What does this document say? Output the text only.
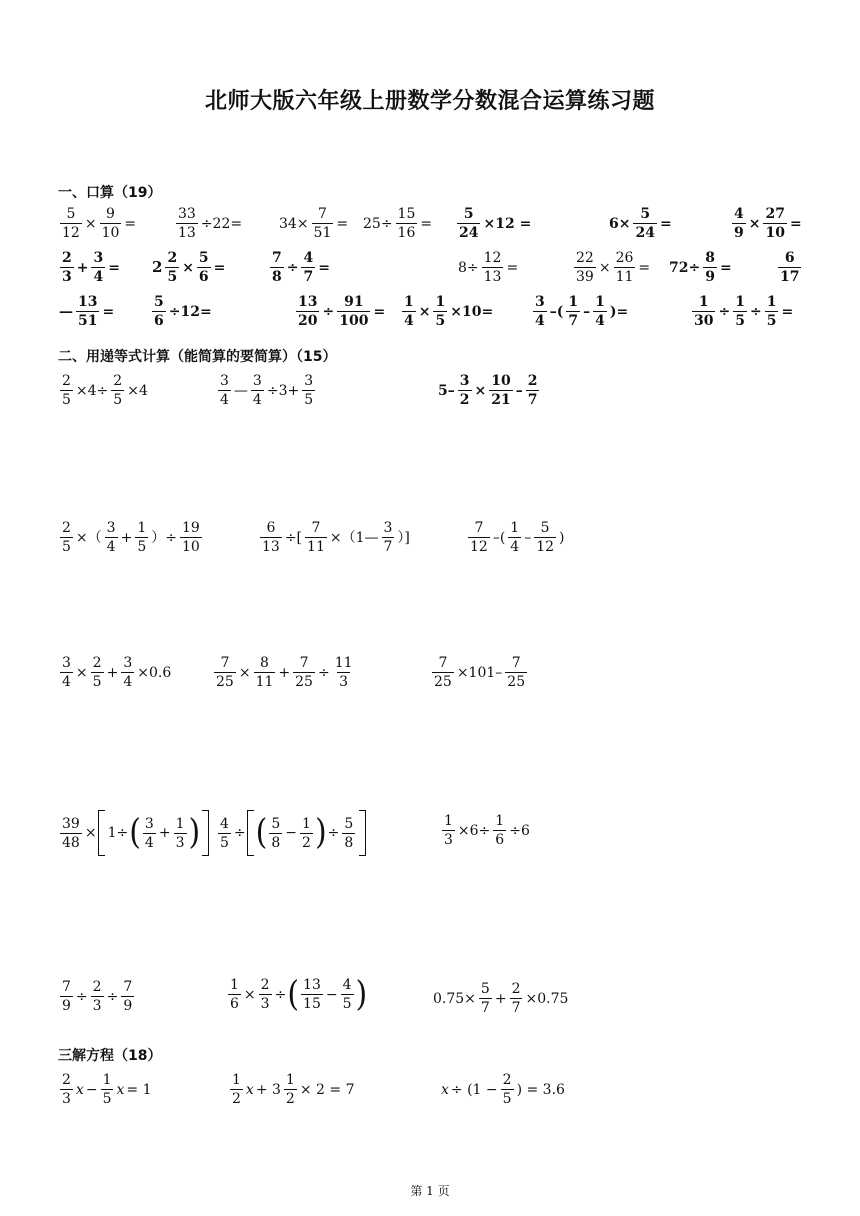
北师大版六年级上册数学分数混合运算练习题
一、口算（19）
二、用递等式计算（能简算的要简算）（15）
三解方程（18）
$\frac{5}{12} \times \frac{9}{10}$ =	$\frac{33}{13} \div 22=$	$34\times \frac{7}{51} = 25\div \frac{15}{16} = \frac{5}{24} \times 12$ =	$6\times \frac{5}{24}$ =	$\frac{4}{9} \times \frac{27}{10}$ =
$\frac{2}{3} + \frac{3}{4} = 2 \frac{2}{5} \times \frac{5}{6}$ =	$\frac{7}{8} \div \frac{4}{7}$ =	$8\div \frac{12}{13}$ =	$\frac{22}{39} \times \frac{26}{11} = 72\div \frac{8}{9}$ =	$\frac{6}{17}$
— $\frac{13}{51}$ =	$\frac{5}{6} \div 12=$	$\frac{13}{20} \div \frac{91}{100} = \frac{1}{4} \times \frac{1}{5} \times 10=$	$\frac{3}{4}$ –( $\frac{1}{7} - \frac{1}{4}$ )=	$\frac{1}{30} \div \frac{1}{5} \div \frac{1}{5}$ =
$\frac{2}{5} \times 4\div \frac{2}{5} \times 4$	$\frac{3}{4}$ — $\frac{3}{4} \div 3+ \frac{3}{5}$	$5- \frac{3}{2} \times \frac{10}{21} - \frac{2}{7}$
$\frac{2}{5}$ ×（ $\frac{3}{4} + \frac{1}{5}$ ）÷ $\frac{19}{10}$	$\frac{6}{13}$ ÷[ $\frac{7}{11}$ ×（1— $\frac{3}{7}$ ）]	$\frac{7}{12}$ –( $\frac{1}{4} - \frac{5}{12}$ )
$\frac{3}{4} \times \frac{2}{5} + \frac{3}{4} \times 0.6$	$\frac{7}{25} \times \frac{8}{11} + \frac{7}{25} \div \frac{11}{3}$	$\frac{7}{25} \times 101- \frac{7}{25}$
$\frac{39}{48} \times 1\div$ ( $\frac{3}{4} + \frac{1}{3}$ ) $\frac{4}{5}$ ÷ ( $\frac{5}{8} - \frac{1}{2}$ ) ÷ $\frac{5}{8}$	$\frac{1}{3} \times 6\div \frac{1}{6} \div 6$
$\frac{7}{9} \div \frac{2}{3} \div \frac{7}{9}$	$\frac{1}{6} \times \frac{2}{3}$ ÷ ( $\frac{13}{15} - \frac{4}{5}$ )	$0.75\times \frac{5}{7} + \frac{2}{7} \times 0.75$
$\frac{2}{3}$ $x - \frac{1}{5}$ x = 1	$\frac{1}{2}$ $x + 3 \frac{1}{2} \times 2 = 7$	$x \div (1 - \frac{2}{5}$ ) = 3.6
第 1 页
